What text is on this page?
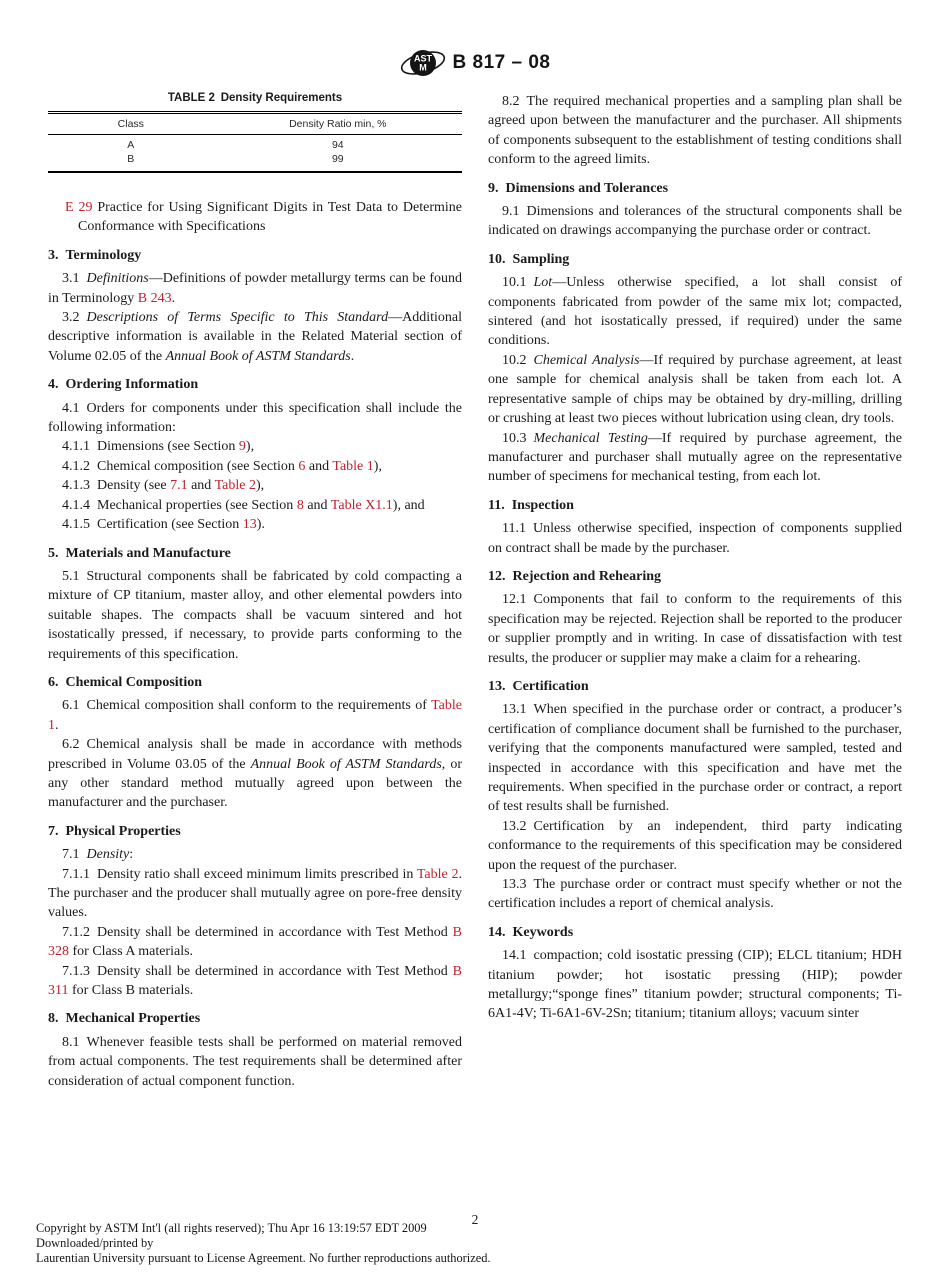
AST
M B 817 – 08
TABLE 2 Density Requirements
Class	Density Ratio min, %
A	94
B	99
E 29 Practice for Using Significant Digits in Test Data to Determine Conformance with Specifications
3. Terminology
3.1 Definitions—Definitions of powder metallurgy terms can be found in Terminology B 243.
3.2 Descriptions of Terms Specific to This Standard—Additional descriptive information is available in the Related Material section of Volume 02.05 of the Annual Book of ASTM Standards.
4. Ordering Information
4.1 Orders for components under this specification shall include the following information:
4.1.1 Dimensions (see Section 9),
4.1.2 Chemical composition (see Section 6 and Table 1),
4.1.3 Density (see 7.1 and Table 2),
4.1.4 Mechanical properties (see Section 8 and Table X1.1), and
4.1.5 Certification (see Section 13).
5. Materials and Manufacture
5.1 Structural components shall be fabricated by cold compacting a mixture of CP titanium, master alloy, and other elemental powders into suitable shapes. The compacts shall be vacuum sintered and hot isostatically pressed, if necessary, to provide parts conforming to the requirements of this specification.
6. Chemical Composition
6.1 Chemical composition shall conform to the requirements of Table 1.
6.2 Chemical analysis shall be made in accordance with methods prescribed in Volume 03.05 of the Annual Book of ASTM Standards, or any other standard method mutually agreed upon between the manufacturer and the purchaser.
7. Physical Properties
7.1 Density:
7.1.1 Density ratio shall exceed minimum limits prescribed in Table 2. The purchaser and the producer shall mutually agree on pore-free density values.
7.1.2 Density shall be determined in accordance with Test Method B 328 for Class A materials.
7.1.3 Density shall be determined in accordance with Test Method B 311 for Class B materials.
8. Mechanical Properties
8.1 Whenever feasible tests shall be performed on material removed from actual components. The test requirements shall be determined after consideration of actual component function.
8.2 The required mechanical properties and a sampling plan shall be agreed upon between the manufacturer and the purchaser. All shipments of components subsequent to the establishment of testing conditions shall conform to the agreed limits.
9. Dimensions and Tolerances
9.1 Dimensions and tolerances of the structural components shall be indicated on drawings accompanying the purchase order or contract.
10. Sampling
10.1 Lot—Unless otherwise specified, a lot shall consist of components fabricated from powder of the same mix lot; compacted, sintered (and hot isostatically pressed, if required) under the same conditions.
10.2 Chemical Analysis—If required by purchase agreement, at least one sample for chemical analysis shall be taken from each lot. A representative sample of chips may be obtained by dry-milling, drilling or crushing at least two pieces without lubrication using clean, dry tools.
10.3 Mechanical Testing—If required by purchase agreement, the manufacturer and purchaser shall mutually agree on the representative number of specimens for mechanical testing, from each lot.
11. Inspection
11.1 Unless otherwise specified, inspection of components supplied on contract shall be made by the purchaser.
12. Rejection and Rehearing
12.1 Components that fail to conform to the requirements of this specification may be rejected. Rejection shall be reported to the producer or supplier promptly and in writing. In case of dissatisfaction with test results, the producer or supplier may make a claim for a rehearing.
13. Certification
13.1 When specified in the purchase order or contract, a producer’s certification of compliance document shall be furnished to the purchaser, verifying that the components manufactured were sampled, tested and inspected in accordance with this specification and have met the requirements. When specified in the purchase order or contract, a report of test results shall be furnished.
13.2 Certification by an independent, third party indicating conformance to the requirements of this specification may be considered upon the request of the purchaser.
13.3 The purchase order or contract must specify whether or not the certification includes a report of chemical analysis.
14. Keywords
14.1 compaction; cold isostatic pressing (CIP); ELCL titanium; HDH titanium powder; hot isostatic pressing (HIP); powder metallurgy;“sponge fines” titanium powder; structural components; Ti-6A1-4V; Ti-6A1-6V-2Sn; titanium; titanium alloys; vacuum sinter
2
Copyright by ASTM Int'l (all rights reserved); Thu Apr 16 13:19:57 EDT 2009
Downloaded/printed by
Laurentian University pursuant to License Agreement. No further reproductions authorized.
